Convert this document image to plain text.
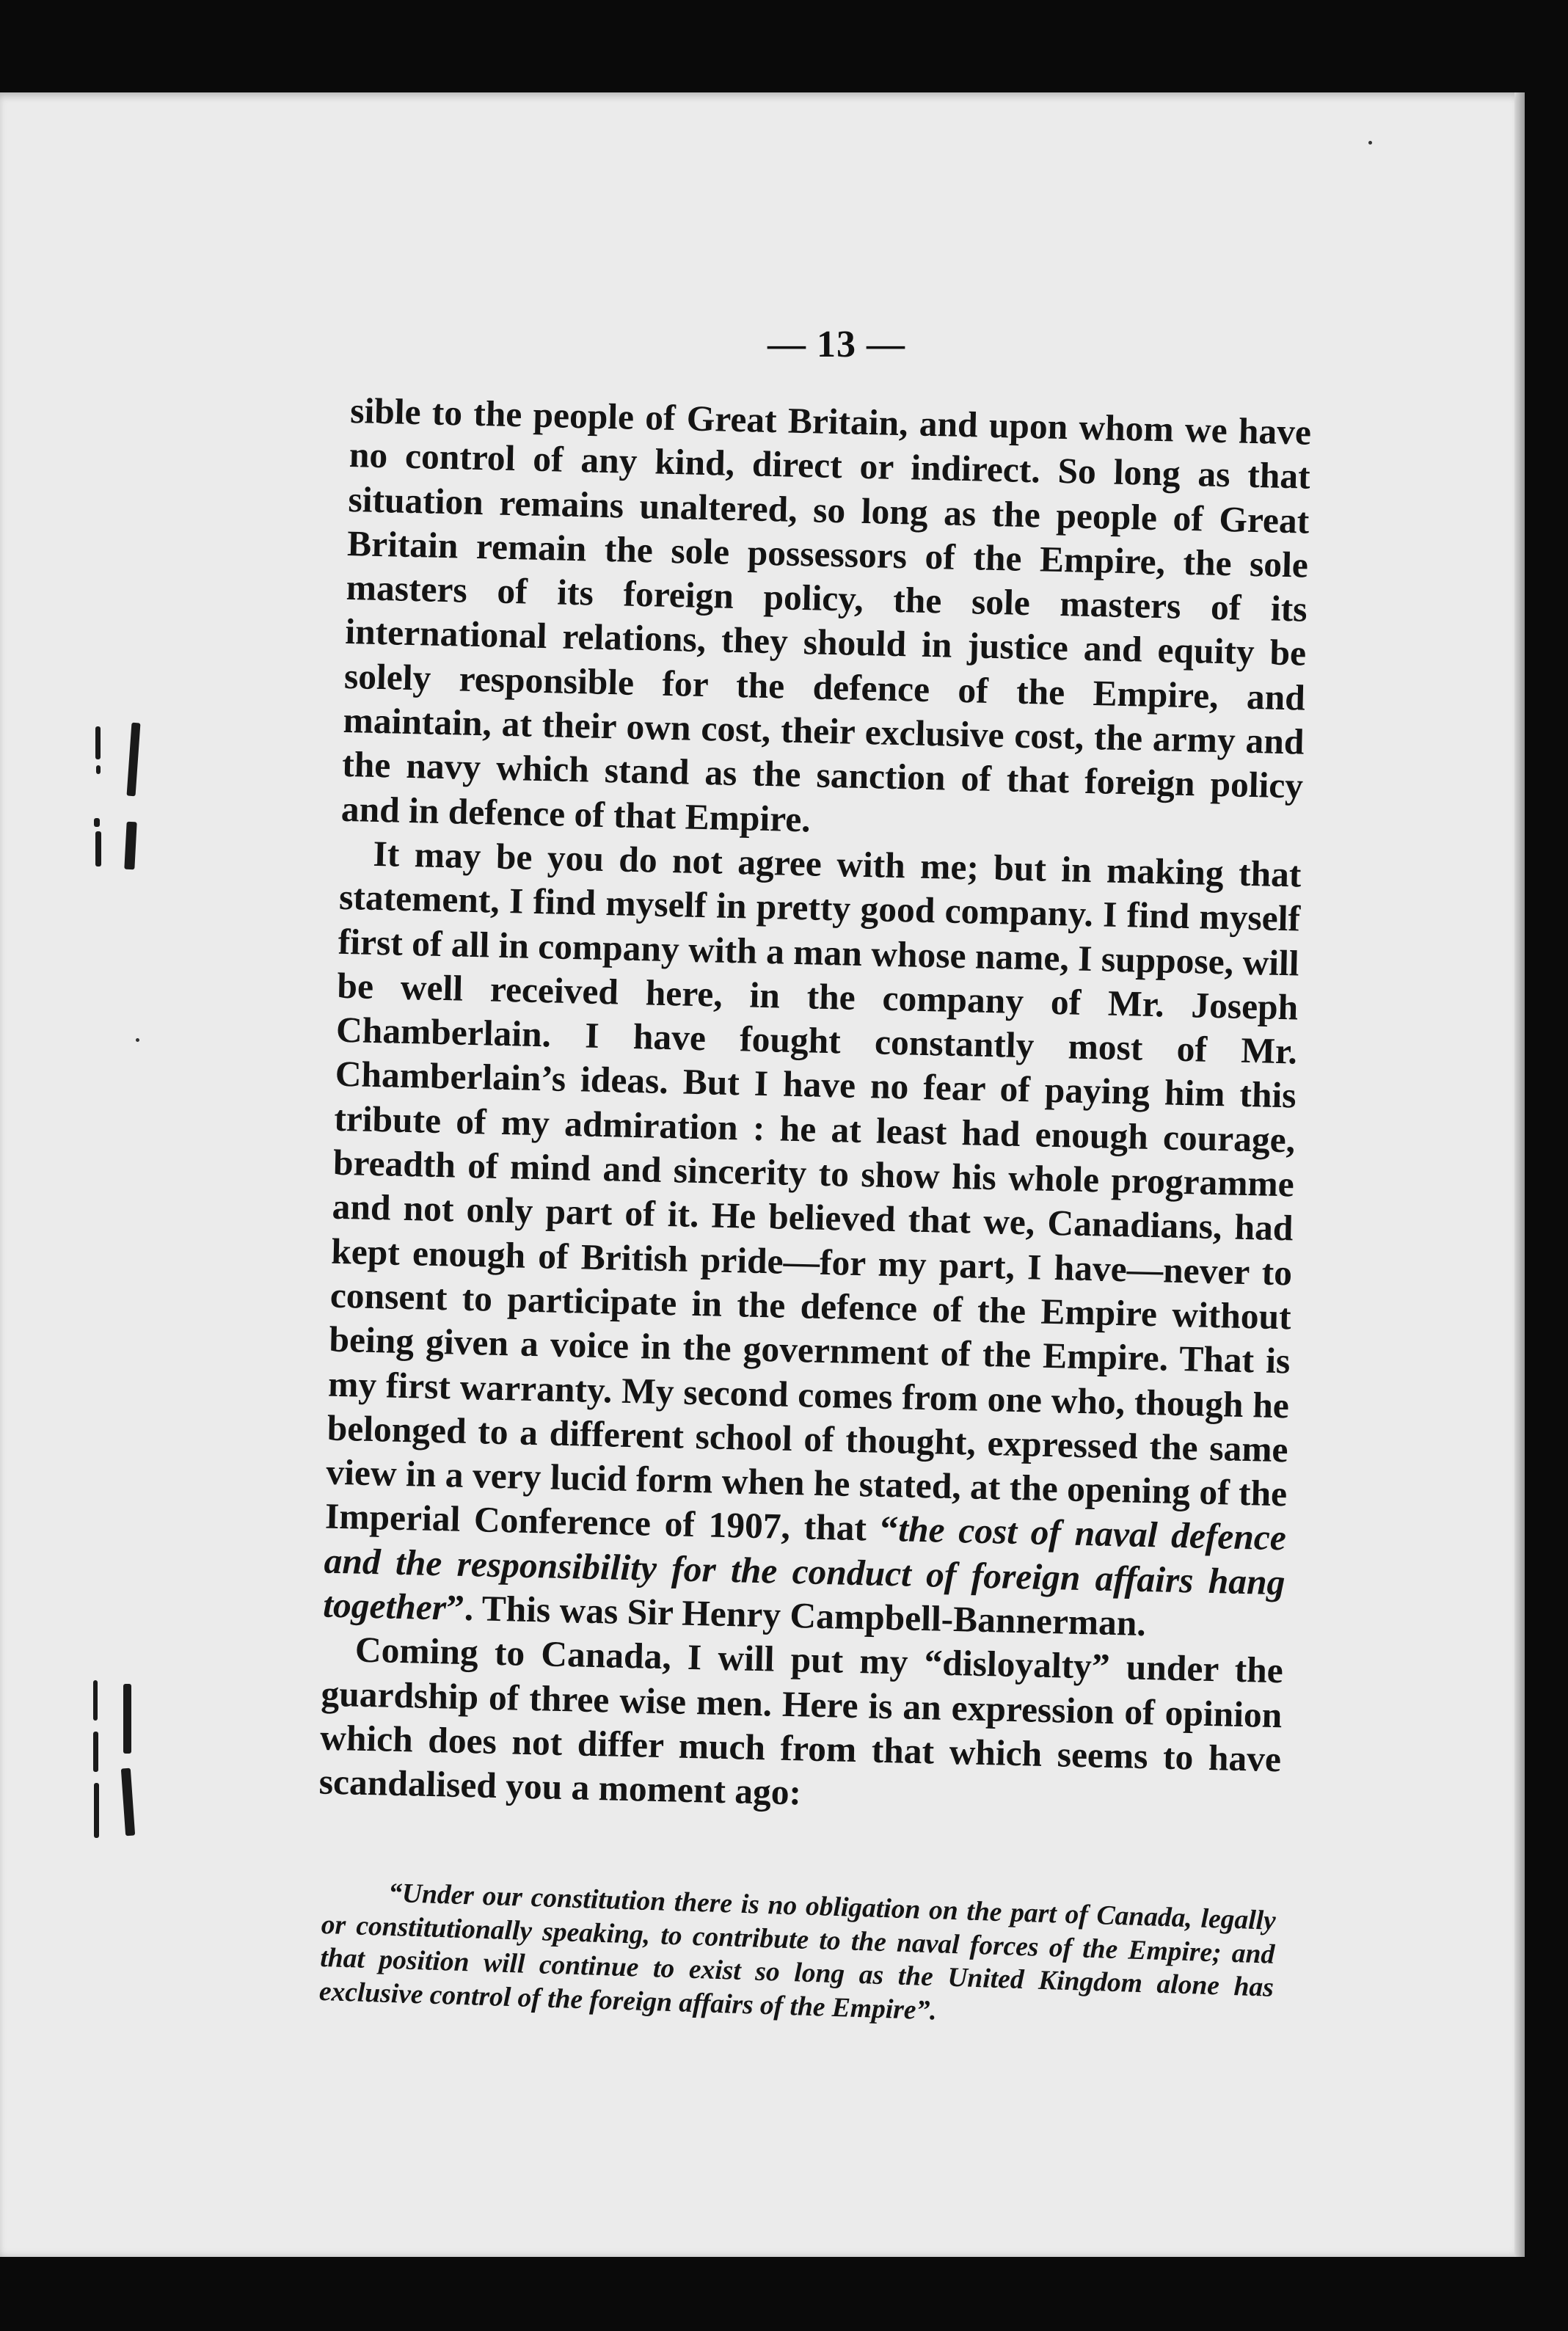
— 13 —

sible to the people of Great Britain, and upon whom we have no control of any kind, direct or indirect. So long as that situation remains unaltered, so long as the people of Great Britain remain the sole possessors of the Empire, the sole masters of its foreign policy, the sole masters of its international relations, they should in justice and equity be solely responsible for the defence of the Empire, and maintain, at their own cost, their exclusive cost, the army and the navy which stand as the sanction of that foreign policy and in defence of that Empire.

It may be you do not agree with me; but in making that statement, I find myself in pretty good company. I find myself first of all in company with a man whose name, I suppose, will be well received here, in the company of Mr. Joseph Chamberlain. I have fought constantly most of Mr. Chamberlain’s ideas. But I have no fear of paying him this tribute of my admiration : he at least had enough courage, breadth of mind and sincerity to show his whole programme and not only part of it. He believed that we, Canadians, had kept enough of British pride—for my part, I have—never to consent to participate in the defence of the Empire without being given a voice in the government of the Empire. That is my first warranty. My second comes from one who, though he belonged to a different school of thought, expressed the same view in a very lucid form when he stated, at the opening of the Imperial Conference of 1907, that “the cost of naval defence and the responsibility for the conduct of foreign affairs hang together”. This was Sir Henry Campbell-Bannerman.

Coming to Canada, I will put my “disloyalty” under the guardship of three wise men. Here is an expression of opinion which does not differ much from that which seems to have scandalised you a moment ago:

“Under our constitution there is no obligation on the part of Canada, legally or constitutionally speaking, to contribute to the naval forces of the Empire; and that position will continue to exist so long as the United Kingdom alone has exclusive control of the foreign affairs of the Empire”.
